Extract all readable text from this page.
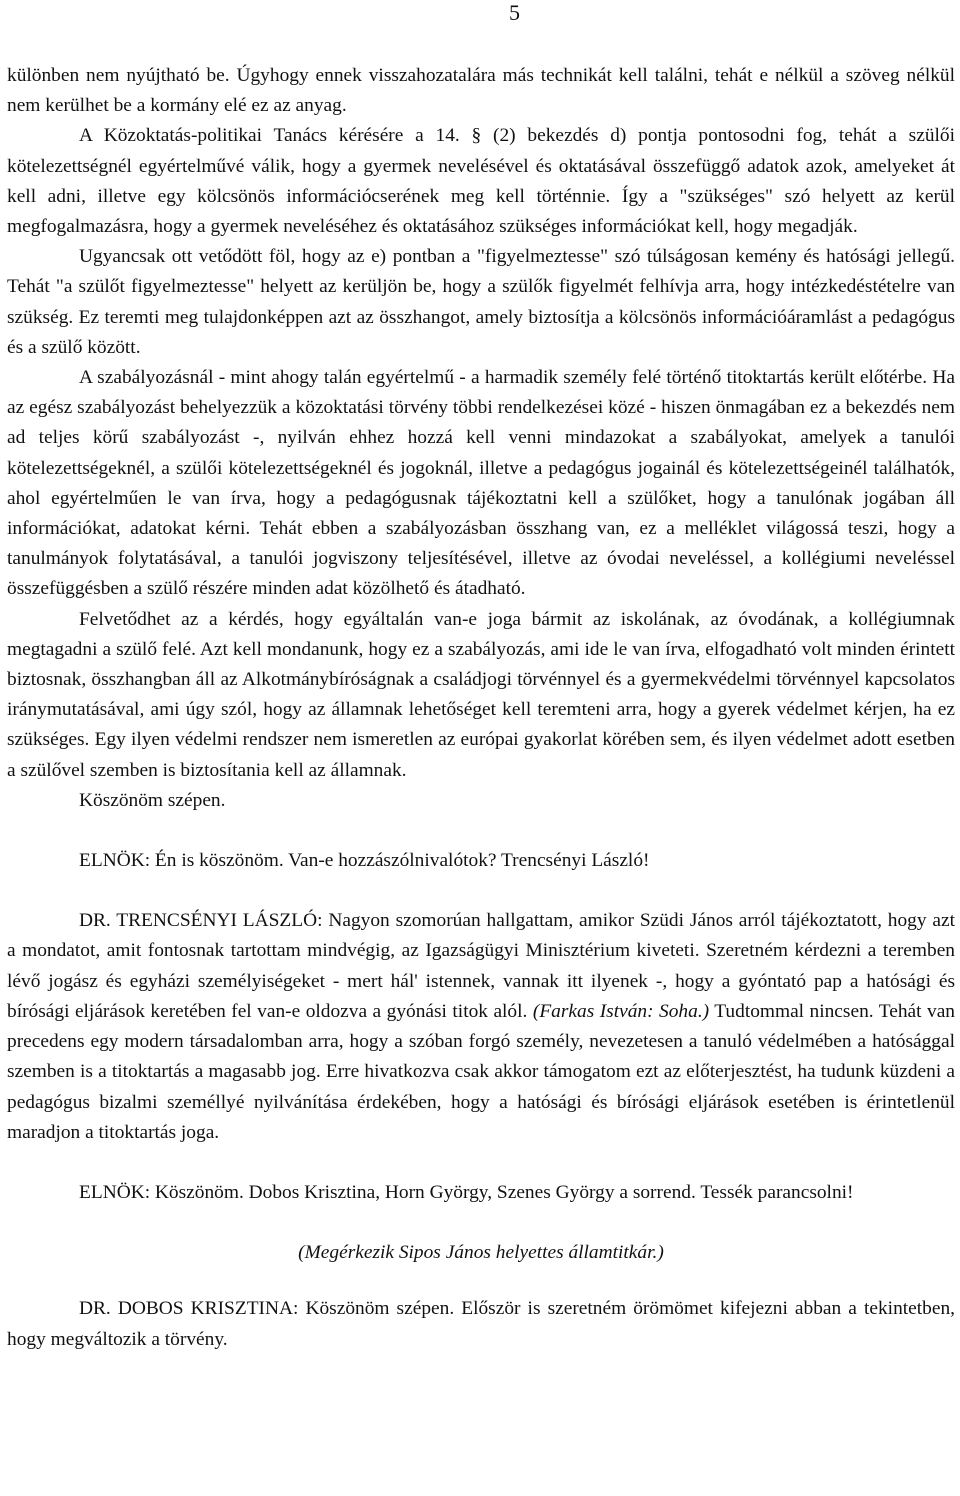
5

különben nem nyújtható be. Úgyhogy ennek visszahozatalára más technikát kell találni, tehát e nélkül a szöveg nélkül nem kerülhet be a kormány elé ez az anyag.

A Közoktatás-politikai Tanács kérésére a 14. § (2) bekezdés d) pontja pontosodni fog, tehát a szülői kötelezettségnél egyértelművé válik, hogy a gyermek nevelésével és oktatásával összefüggő adatok azok, amelyeket át kell adni, illetve egy kölcsönös információcserének meg kell történnie. Így a "szükséges" szó helyett az kerül megfogalmazásra, hogy a gyermek neveléséhez és oktatásához szükséges információkat kell, hogy megadják.

Ugyancsak ott vetődött föl, hogy az e) pontban a "figyelmeztesse" szó túlságosan kemény és hatósági jellegű. Tehát "a szülőt figyelmeztesse" helyett az kerüljön be, hogy a szülők figyelmét felhívja arra, hogy intézkedéstételre van szükség. Ez teremti meg tulajdonképpen azt az összhangot, amely biztosítja a kölcsönös információáramlást a pedagógus és a szülő között.

A szabályozásnál - mint ahogy talán egyértelmű - a harmadik személy felé történő titoktartás került előtérbe. Ha az egész szabályozást behelyezzük a közoktatási törvény többi rendelkezései közé - hiszen önmagában ez a bekezdés nem ad teljes körű szabályozást -, nyilván ehhez hozzá kell venni mindazokat a szabályokat, amelyek a tanulói kötelezettségeknél, a szülői kötelezettségeknél és jogoknál, illetve a pedagógus jogainál és kötelezettségeinél találhatók, ahol egyértelműen le van írva, hogy a pedagógusnak tájékoztatni kell a szülőket, hogy a tanulónak jogában áll információkat, adatokat kérni. Tehát ebben a szabályozásban összhang van, ez a melléklet világossá teszi, hogy a tanulmányok folytatásával, a tanulói jogviszony teljesítésével, illetve az óvodai neveléssel, a kollégiumi neveléssel összefüggésben a szülő részére minden adat közölhető és átadható.

Felvetődhet az a kérdés, hogy egyáltalán van-e joga bármit az iskolának, az óvodának, a kollégiumnak megtagadni a szülő felé. Azt kell mondanunk, hogy ez a szabályozás, ami ide le van írva, elfogadható volt minden érintett biztosnak, összhangban áll az Alkotmánybíróságnak a családjogi törvénnyel és a gyermekvédelmi törvénnyel kapcsolatos iránymutatásával, ami úgy szól, hogy az államnak lehetőséget kell teremteni arra, hogy a gyerek védelmet kérjen, ha ez szükséges. Egy ilyen védelmi rendszer nem ismeretlen az európai gyakorlat körében sem, és ilyen védelmet adott esetben a szülővel szemben is biztosítania kell az államnak.

Köszönöm szépen.

ELNÖK: Én is köszönöm. Van-e hozzászólnivalótok? Trencsényi László!

DR. TRENCSÉNYI LÁSZLÓ: Nagyon szomorúan hallgattam, amikor Szüdi János arról tájékoztatott, hogy azt a mondatot, amit fontosnak tartottam mindvégig, az Igazságügyi Minisztérium kiveteti. Szeretném kérdezni a teremben lévő jogász és egyházi személyiségeket - mert hál' istennek, vannak itt ilyenek -, hogy a gyóntató pap a hatósági és bírósági eljárások keretében fel van-e oldozva a gyónási titok alól. (Farkas István: Soha.) Tudtommal nincsen. Tehát van precedens egy modern társadalomban arra, hogy a szóban forgó személy, nevezetesen a tanuló védelmében a hatósággal szemben is a titoktartás a magasabb jog. Erre hivatkozva csak akkor támogatom ezt az előterjesztést, ha tudunk küzdeni a pedagógus bizalmi személlyé nyilvánítása érdekében, hogy a hatósági és bírósági eljárások esetében is érintetlenül maradjon a titoktartás joga.

ELNÖK: Köszönöm. Dobos Krisztina, Horn György, Szenes György a sorrend. Tessék parancsolni!

(Megérkezik Sipos János helyettes államtitkár.)

DR. DOBOS KRISZTINA: Köszönöm szépen. Először is szeretném örömömet kifejezni abban a tekintetben, hogy megváltozik a törvény.
